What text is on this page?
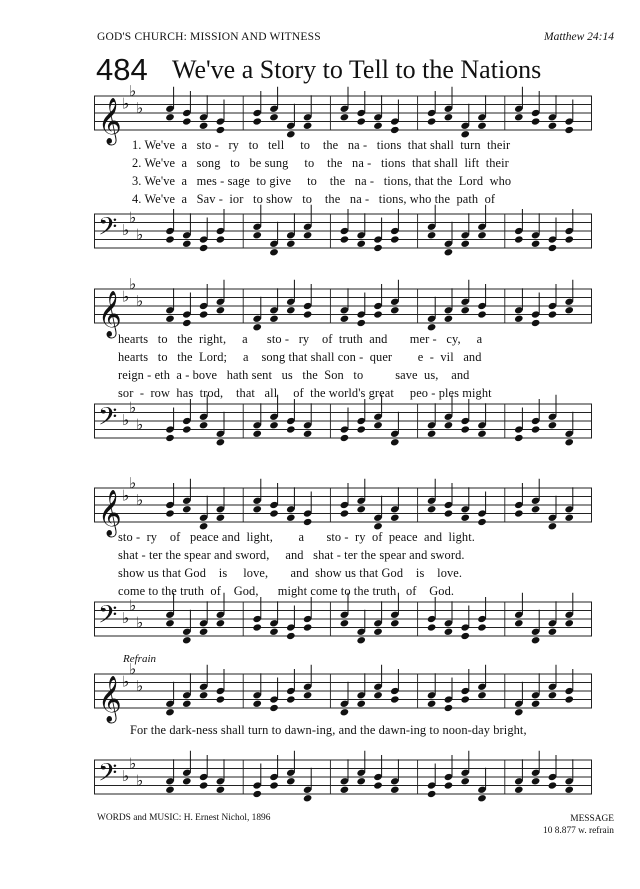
GOD'S CHURCH: MISSION AND WITNESS	Matthew 24:14
484 We've a Story to Tell to the Nations
𝄞 ♭
♭
♭
𝄢 ♭
♭
♭
1. We've  a   sto -   ry   to   tell     to    the   na -   tions  that shall  turn  their
2. We've  a   song   to   be sung     to    the   na -   tions  that shall  lift  their
3. We've  a   mes - sage  to give     to    the   na -   tions, that the  Lord  who
4. We've  a   Sav -  ior   to show   to    the   na -   tions, who the  path  of
𝄞 ♭
♭
♭
𝄢 ♭
♭
♭
hearts   to   the  right,     a      sto -   ry    of  truth  and       mer -   cy,     a
hearts   to   the  Lord;     a    song that shall con -  quer        e  -  vil   and
reign - eth  a - bove   hath sent   us   the  Son   to          save  us,    and
sor  -  row  has  trod,    that   all     of  the world's great     peo - ples might
𝄞 ♭
♭
♭
𝄢 ♭
♭
♭
sto -  ry    of   peace and  light,        a       sto -  ry  of  peace  and  light.
shat - ter the spear and sword,     and   shat - ter the spear and sword.
show us that God    is     love,       and  show us that God    is    love.
come to the truth  of    God,      might come to the truth   of    God.
Refrain
𝄞 ♭
♭
♭
𝄢 ♭
♭
♭
For the dark-ness shall turn to dawn-ing, and the dawn-ing to noon-day bright,
WORDS and MUSIC: H. Ernest Nichol, 1896	MESSAGE
10 8.877 w. refrain
